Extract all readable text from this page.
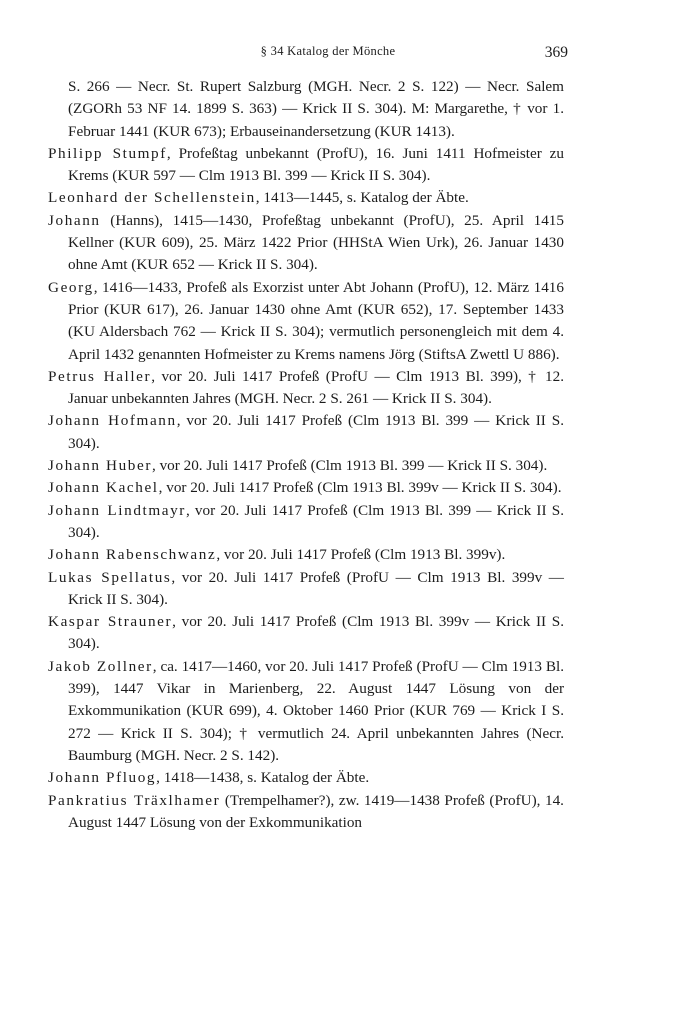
§ 34 Katalog der Mönche	369

S. 266 — Necr. St. Rupert Salzburg (MGH. Necr. 2 S. 122) — Necr. Salem (ZGORh 53 NF 14. 1899 S. 363) — Krick II S. 304). M: Margarethe, † vor 1. Februar 1441 (KUR 673); Erbauseinandersetzung (KUR 1413).

Philipp Stumpf, Profeßtag unbekannt (ProfU), 16. Juni 1411 Hofmeister zu Krems (KUR 597 — Clm 1913 Bl. 399 — Krick II S. 304).

Leonhard der Schellenstein, 1413—1445, s. Katalog der Äbte.

Johann (Hanns), 1415—1430, Profeßtag unbekannt (ProfU), 25. April 1415 Kellner (KUR 609), 25. März 1422 Prior (HHStA Wien Urk), 26. Januar 1430 ohne Amt (KUR 652 — Krick II S. 304).

Georg, 1416—1433, Profeß als Exorzist unter Abt Johann (ProfU), 12. März 1416 Prior (KUR 617), 26. Januar 1430 ohne Amt (KUR 652), 17. September 1433 (KU Aldersbach 762 — Krick II S. 304); vermutlich personengleich mit dem 4. April 1432 genannten Hofmeister zu Krems namens Jörg (StiftsA Zwettl U 886).

Petrus Haller, vor 20. Juli 1417 Profeß (ProfU — Clm 1913 Bl. 399), † 12. Januar unbekannten Jahres (MGH. Necr. 2 S. 261 — Krick II S. 304).

Johann Hofmann, vor 20. Juli 1417 Profeß (Clm 1913 Bl. 399 — Krick II S. 304).

Johann Huber, vor 20. Juli 1417 Profeß (Clm 1913 Bl. 399 — Krick II S. 304).

Johann Kachel, vor 20. Juli 1417 Profeß (Clm 1913 Bl. 399v — Krick II S. 304).

Johann Lindtmayr, vor 20. Juli 1417 Profeß (Clm 1913 Bl. 399 — Krick II S. 304).

Johann Rabenschwanz, vor 20. Juli 1417 Profeß (Clm 1913 Bl. 399v).

Lukas Spellatus, vor 20. Juli 1417 Profeß (ProfU — Clm 1913 Bl. 399v — Krick II S. 304).

Kaspar Strauner, vor 20. Juli 1417 Profeß (Clm 1913 Bl. 399v — Krick II S. 304).

Jakob Zollner, ca. 1417—1460, vor 20. Juli 1417 Profeß (ProfU — Clm 1913 Bl. 399), 1447 Vikar in Marienberg, 22. August 1447 Lösung von der Exkommunikation (KUR 699), 4. Oktober 1460 Prior (KUR 769 — Krick I S. 272 — Krick II S. 304); † vermutlich 24. April unbekannten Jahres (Necr. Baumburg (MGH. Necr. 2 S. 142).

Johann Pfluog, 1418—1438, s. Katalog der Äbte.

Pankratius Träxlhamer (Trempelhamer?), zw. 1419—1438 Profeß (ProfU), 14. August 1447 Lösung von der Exkommunikation
